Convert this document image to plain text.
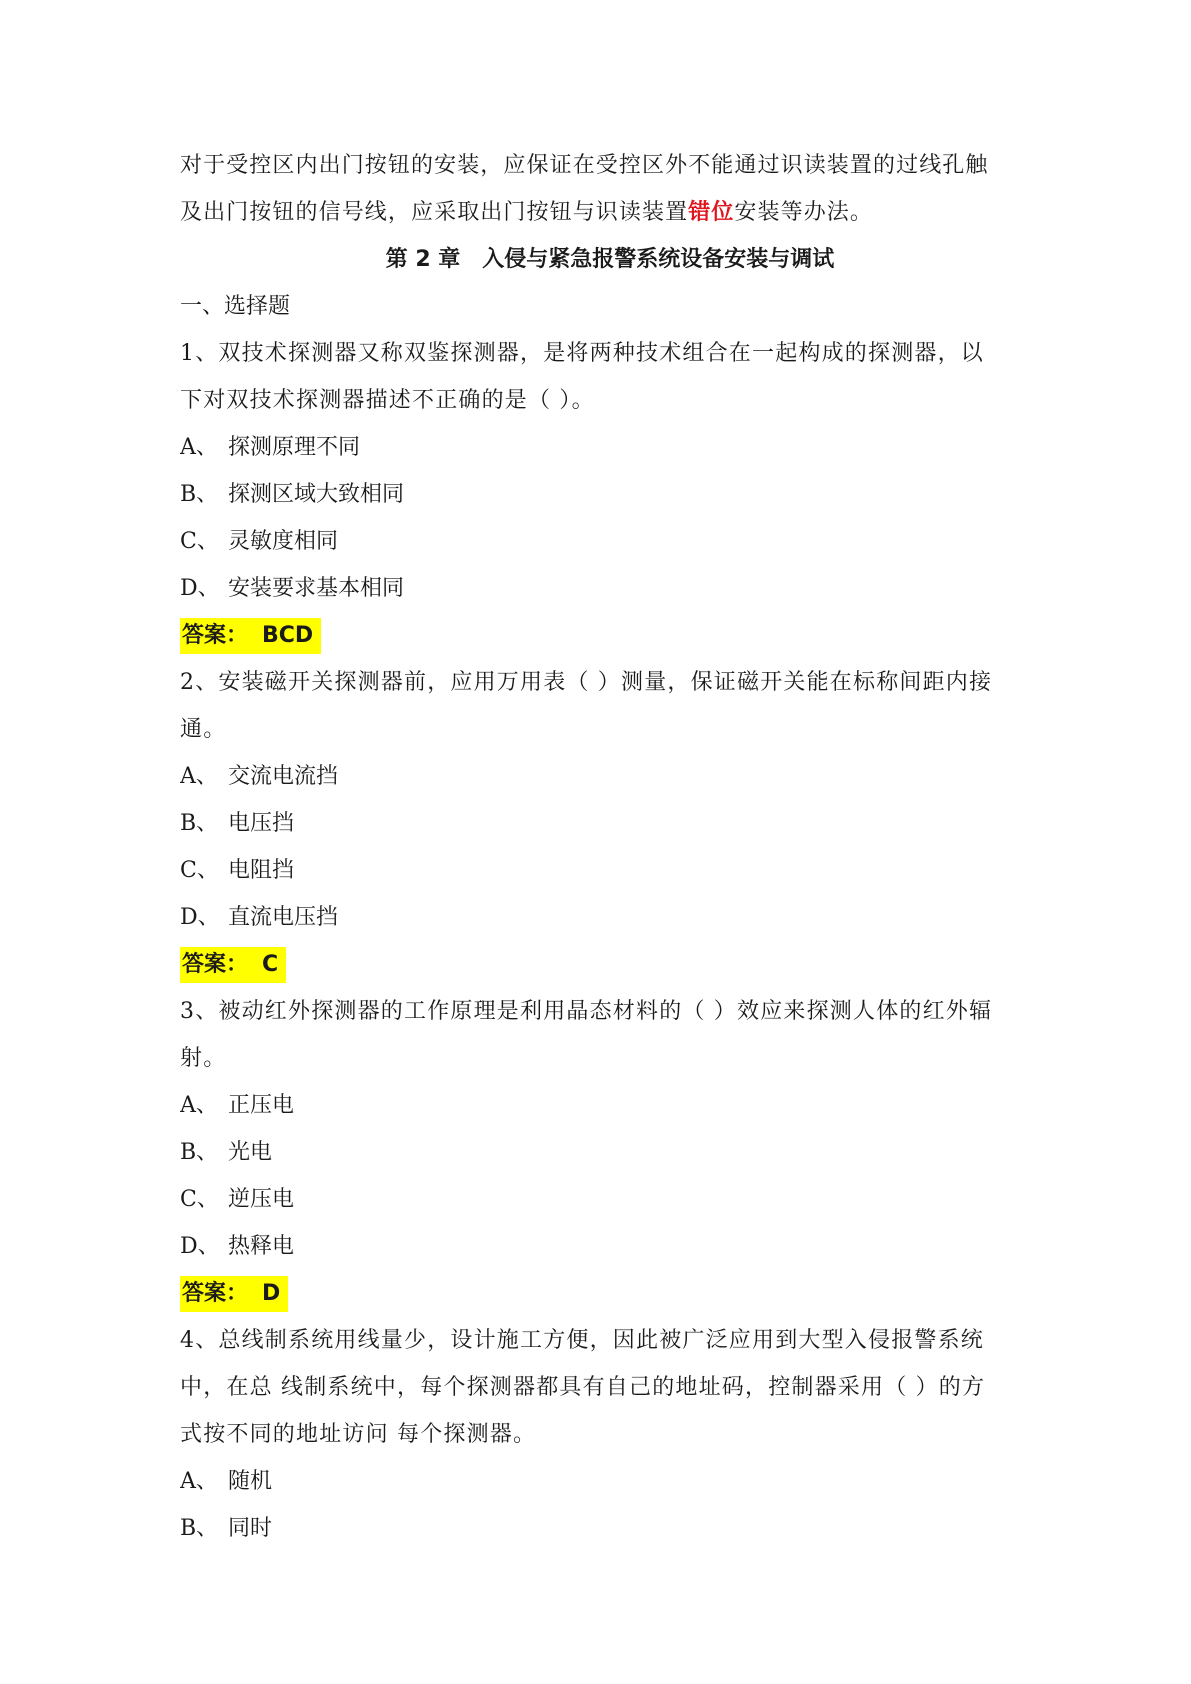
对于受控区内出门按钮的安装，应保证在受控区外不能通过识读装置的过线孔触
及出门按钮的信号线，应采取出门按钮与识读装置错位安装等办法。
第 2 章　入侵与紧急报警系统设备安装与调试
一、选择题
1、双技术探测器又称双鉴探测器，是将两种技术组合在一起构成的探测器，以
下对双技术探测器描述不正确的是（ ）。
A、 探测原理不同
B、 探测区域大致相同
C、 灵敏度相同
D、 安装要求基本相同
答案： BCD
2、安装磁开关探测器前，应用万用表（ ）测量，保证磁开关能在标称间距内接
通。
A、 交流电流挡
B、 电压挡
C、 电阻挡
D、 直流电压挡
答案： C
3、被动红外探测器的工作原理是利用晶态材料的（ ）效应来探测人体的红外辐
射。
A、 正压电
B、 光电
C、 逆压电
D、 热释电
答案： D
4、总线制系统用线量少，设计施工方便，因此被广泛应用到大型入侵报警系统
中，在总 线制系统中，每个探测器都具有自己的地址码，控制器采用（ ）的方
式按不同的地址访问 每个探测器。
A、 随机
B、 同时
